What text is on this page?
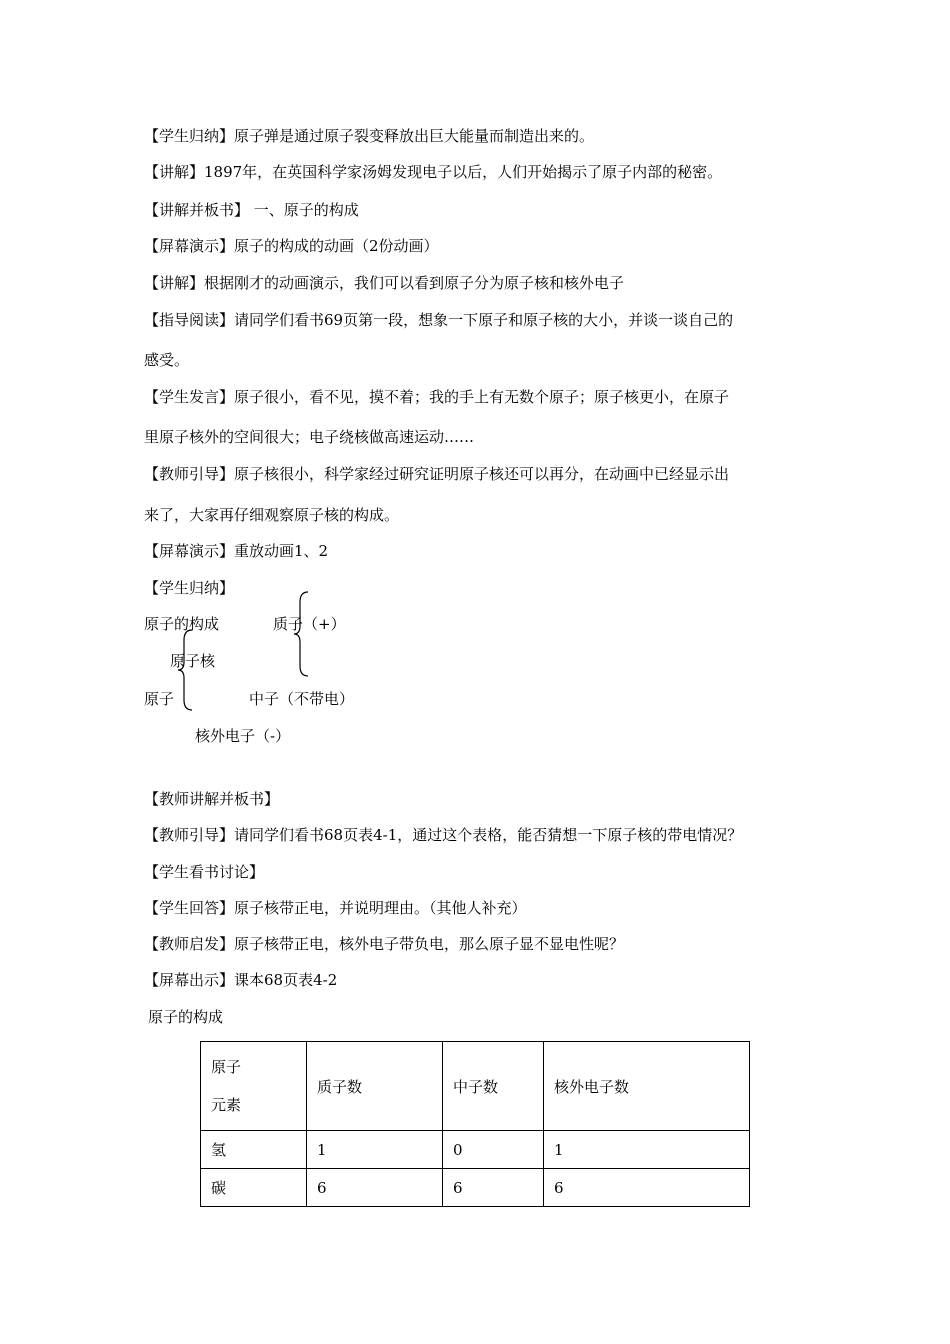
【学生归纳】原子弹是通过原子裂变释放出巨大能量而制造出来的。
【讲解】1897年，在英国科学家汤姆发现电子以后，人们开始揭示了原子内部的秘密。
【讲解并板书】 一、原子的构成
【屏幕演示】原子的构成的动画（2份动画）
【讲解】根据刚才的动画演示，我们可以看到原子分为原子核和核外电子
【指导阅读】请同学们看书69页第一段，想象一下原子和原子核的大小，并谈一谈自己的
感受。
【学生发言】原子很小，看不见，摸不着；我的手上有无数个原子；原子核更小，在原子
里原子核外的空间很大；电子绕核做高速运动……
【教师引导】原子核很小，科学家经过研究证明原子核还可以再分，在动画中已经显示出
来了，大家再仔细观察原子核的构成。
【屏幕演示】重放动画1、2
【学生归纳】
原子的构成	质子（+）
原子核
原子	中子（不带电）
核外电子（-）
【教师讲解并板书】
【教师引导】请同学们看书68页表4-1，通过这个表格，能否猜想一下原子核的带电情况？
【学生看书讨论】
【学生回答】原子核带正电，并说明理由。（其他人补充）
【教师启发】原子核带正电，核外电子带负电，那么原子显不显电性呢？
【屏幕出示】课本68页表4-2
原子的构成
原子
元素	质子数	中子数	核外电子数
氢	1	0	1
碳	6	6	6
